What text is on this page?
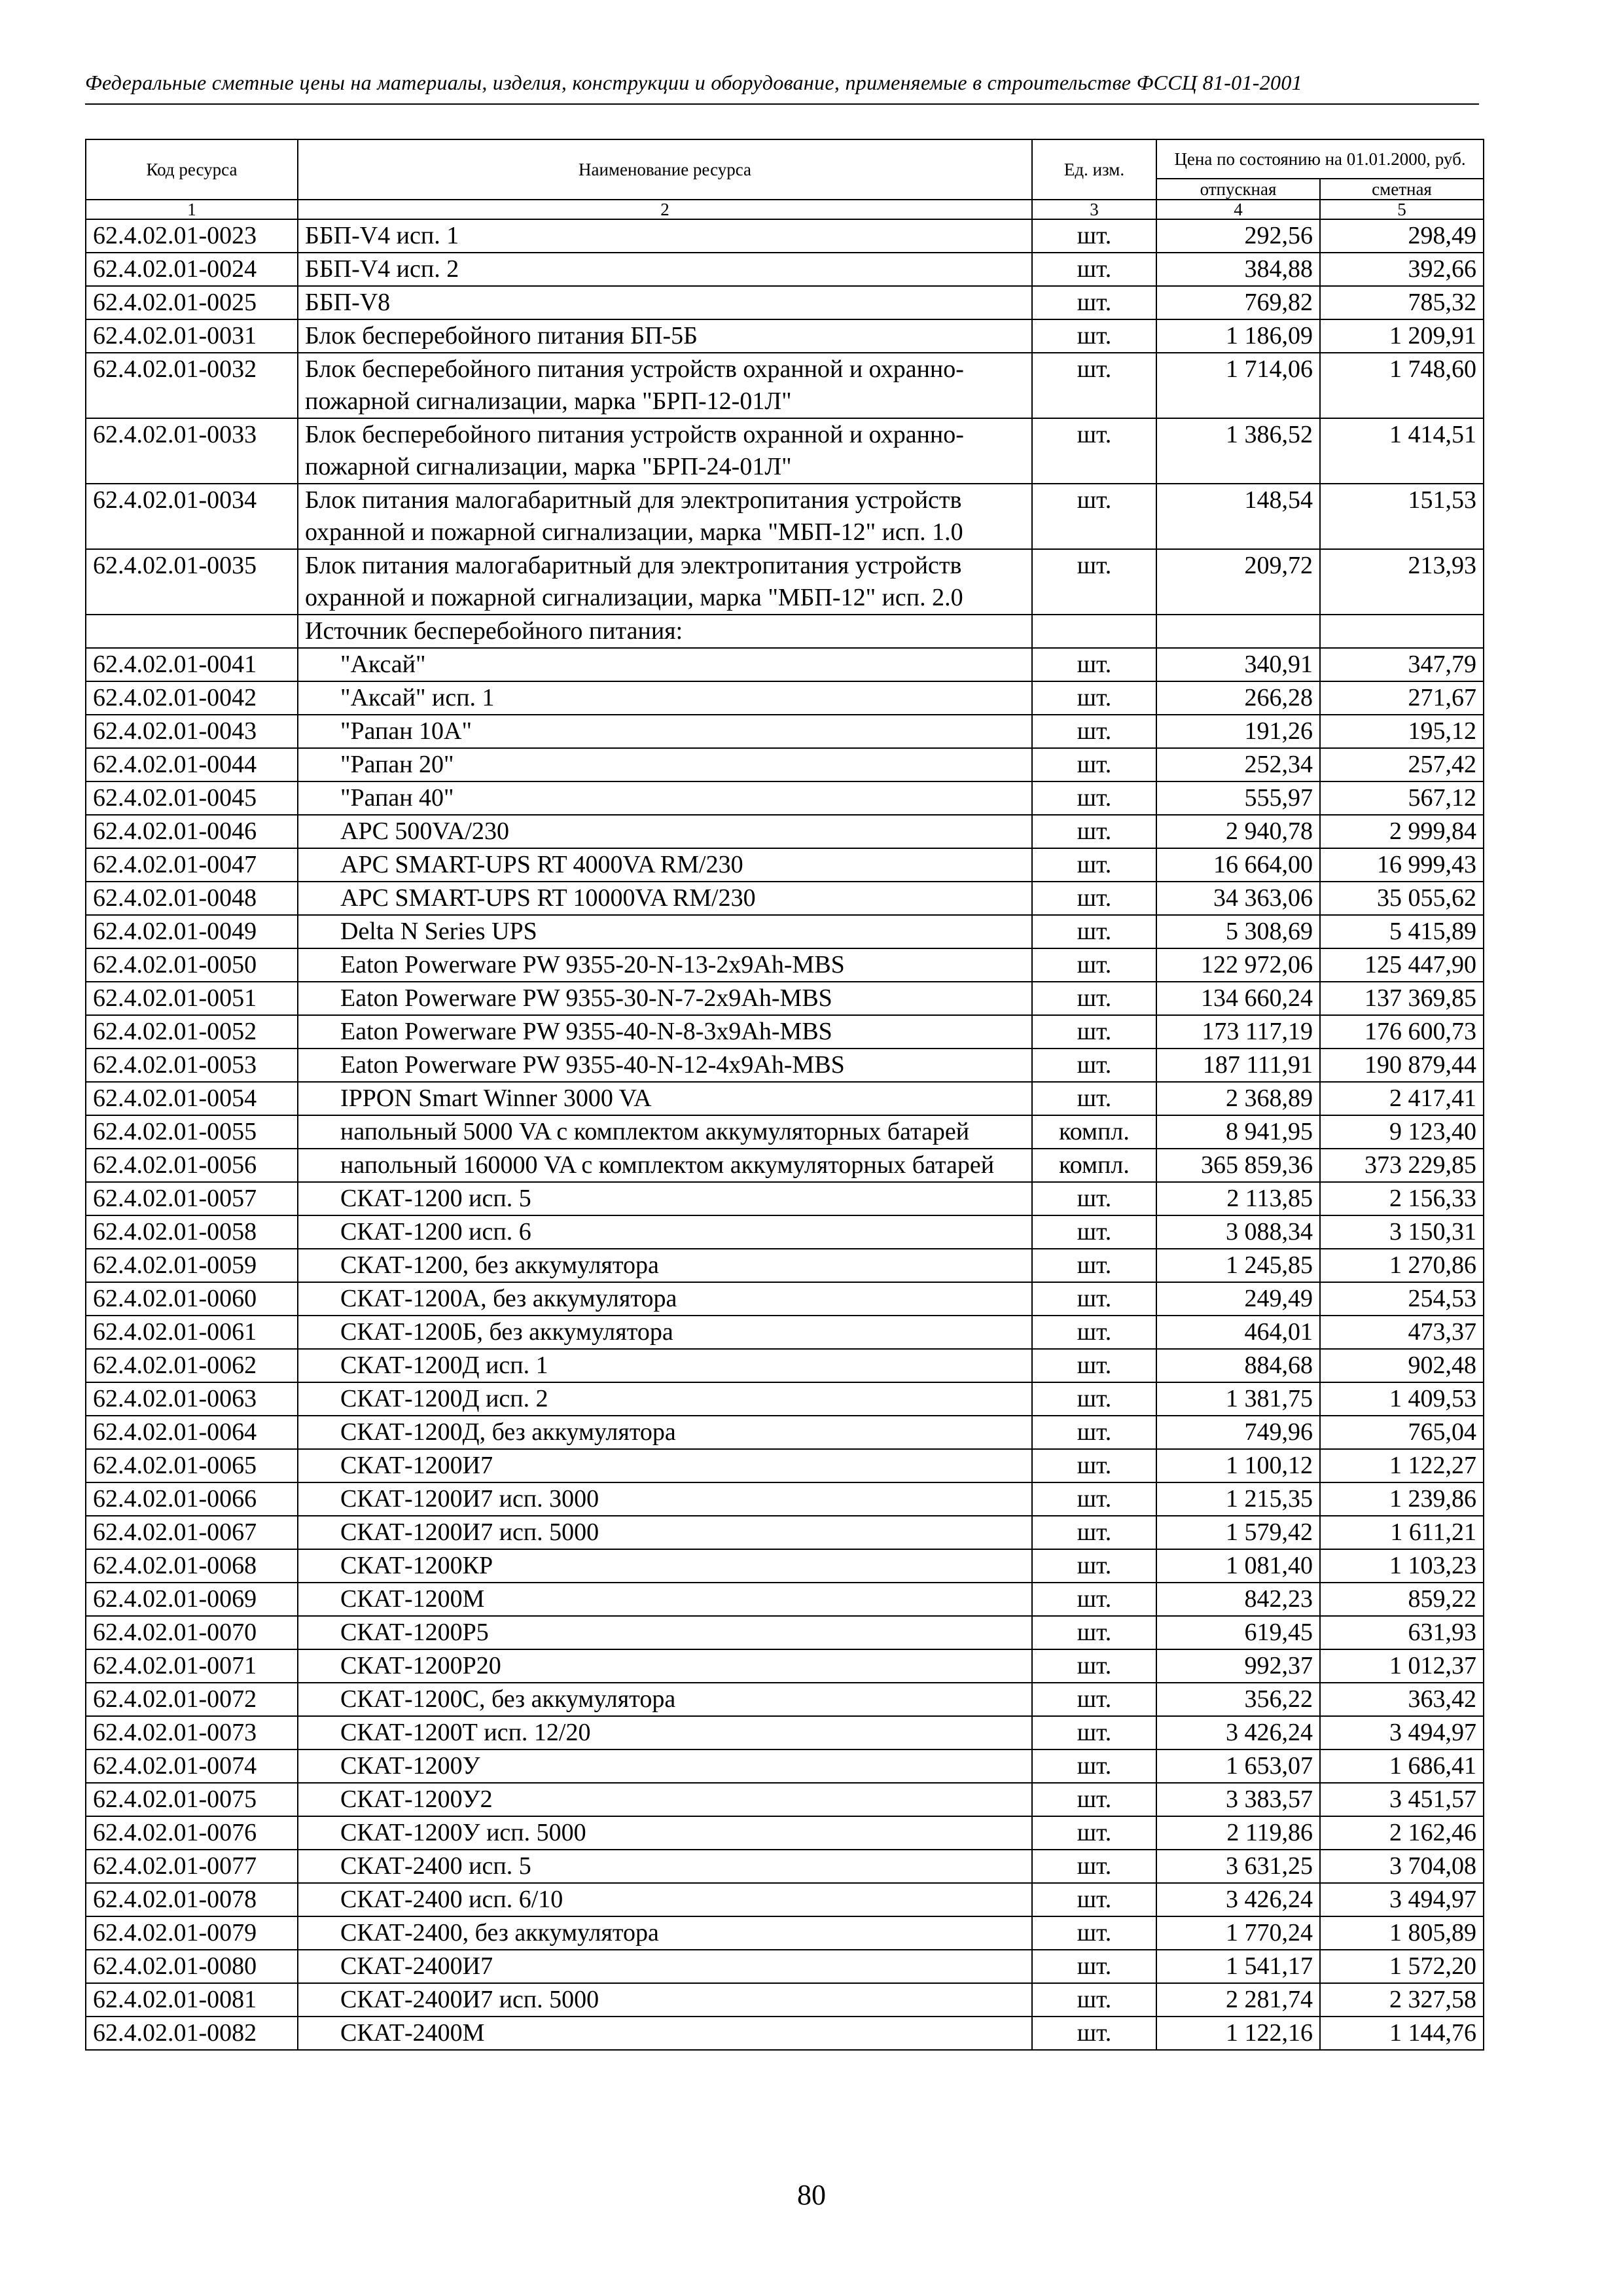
Федеральные сметные цены на материалы, изделия, конструкции и оборудование, применяемые в строительстве ФССЦ 81-01-2001
Код ресурса	Наименование ресурса	Ед. изм.	Цена по состоянию на 01.01.2000, руб.	
			отпускная	сметная
1	2	3	4	5
62.4.02.01-0023	ББП-V4 исп. 1	шт.	292,56	298,49
62.4.02.01-0024	ББП-V4 исп. 2	шт.	384,88	392,66
62.4.02.01-0025	ББП-V8	шт.	769,82	785,32
62.4.02.01-0031	Блок бесперебойного питания БП-5Б	шт.	1 186,09	1 209,91
62.4.02.01-0032	Блок бесперебойного питания устройств охранной и охранно- пожарной сигнализации, марка "БРП-12-01Л"	шт.	1 714,06	1 748,60
62.4.02.01-0033	Блок бесперебойного питания устройств охранной и охранно- пожарной сигнализации, марка "БРП-24-01Л"	шт.	1 386,52	1 414,51
62.4.02.01-0034	Блок питания малогабаритный для электропитания устройств охранной и пожарной сигнализации, марка "МБП-12" исп. 1.0	шт.	148,54	151,53
62.4.02.01-0035	Блок питания малогабаритный для электропитания устройств охранной и пожарной сигнализации, марка "МБП-12" исп. 2.0	шт.	209,72	213,93

	Источник бесперебойного питания:			

62.4.02.01-0041	"Аксай"	шт.	340,91	347,79
62.4.02.01-0042	"Аксай" исп. 1	шт.	266,28	271,67
62.4.02.01-0043	"Рапан 10А"	шт.	191,26	195,12
62.4.02.01-0044	"Рапан 20"	шт.	252,34	257,42
62.4.02.01-0045	"Рапан 40"	шт.	555,97	567,12
62.4.02.01-0046	APC 500VA/230	шт.	2 940,78	2 999,84
62.4.02.01-0047	APC SMART-UPS RT 4000VA RM/230	шт.	16 664,00	16 999,43
62.4.02.01-0048	APC SMART-UPS RT 10000VA RM/230	шт.	34 363,06	35 055,62
62.4.02.01-0049	Delta N Series UPS	шт.	5 308,69	5 415,89
62.4.02.01-0050	Eaton Powerware PW 9355-20-N-13-2x9Ah-MBS	шт.	122 972,06	125 447,90
62.4.02.01-0051	Eaton Powerware PW 9355-30-N-7-2x9Ah-MBS	шт.	134 660,24	137 369,85
62.4.02.01-0052	Eaton Powerware PW 9355-40-N-8-3x9Ah-MBS	шт.	173 117,19	176 600,73
62.4.02.01-0053	Eaton Powerware PW 9355-40-N-12-4x9Ah-MBS	шт.	187 111,91	190 879,44
62.4.02.01-0054	IPPON Smart Winner 3000 VA	шт.	2 368,89	2 417,41
62.4.02.01-0055	напольный 5000 VA с комплектом аккумуляторных батарей	компл.	8 941,95	9 123,40
62.4.02.01-0056	напольный 160000 VA с комплектом аккумуляторных батарей	компл.	365 859,36	373 229,85
62.4.02.01-0057	СКАТ-1200 исп. 5	шт.	2 113,85	2 156,33
62.4.02.01-0058	СКАТ-1200 исп. 6	шт.	3 088,34	3 150,31
62.4.02.01-0059	СКАТ-1200, без аккумулятора	шт.	1 245,85	1 270,86
62.4.02.01-0060	СКАТ-1200А, без аккумулятора	шт.	249,49	254,53
62.4.02.01-0061	СКАТ-1200Б, без аккумулятора	шт.	464,01	473,37
62.4.02.01-0062	СКАТ-1200Д исп. 1	шт.	884,68	902,48
62.4.02.01-0063	СКАТ-1200Д исп. 2	шт.	1 381,75	1 409,53
62.4.02.01-0064	СКАТ-1200Д, без аккумулятора	шт.	749,96	765,04
62.4.02.01-0065	СКАТ-1200И7	шт.	1 100,12	1 122,27
62.4.02.01-0066	СКАТ-1200И7 исп. 3000	шт.	1 215,35	1 239,86
62.4.02.01-0067	СКАТ-1200И7 исп. 5000	шт.	1 579,42	1 611,21
62.4.02.01-0068	СКАТ-1200КР	шт.	1 081,40	1 103,23
62.4.02.01-0069	СКАТ-1200М	шт.	842,23	859,22
62.4.02.01-0070	СКАТ-1200Р5	шт.	619,45	631,93
62.4.02.01-0071	СКАТ-1200Р20	шт.	992,37	1 012,37
62.4.02.01-0072	СКАТ-1200С, без аккумулятора	шт.	356,22	363,42
62.4.02.01-0073	СКАТ-1200Т исп. 12/20	шт.	3 426,24	3 494,97
62.4.02.01-0074	СКАТ-1200У	шт.	1 653,07	1 686,41
62.4.02.01-0075	СКАТ-1200У2	шт.	3 383,57	3 451,57
62.4.02.01-0076	СКАТ-1200У исп. 5000	шт.	2 119,86	2 162,46
62.4.02.01-0077	СКАТ-2400 исп. 5	шт.	3 631,25	3 704,08
62.4.02.01-0078	СКАТ-2400 исп. 6/10	шт.	3 426,24	3 494,97
62.4.02.01-0079	СКАТ-2400, без аккумулятора	шт.	1 770,24	1 805,89
62.4.02.01-0080	СКАТ-2400И7	шт.	1 541,17	1 572,20
62.4.02.01-0081	СКАТ-2400И7 исп. 5000	шт.	2 281,74	2 327,58
62.4.02.01-0082	СКАТ-2400М	шт.	1 122,16	1 144,76
80
